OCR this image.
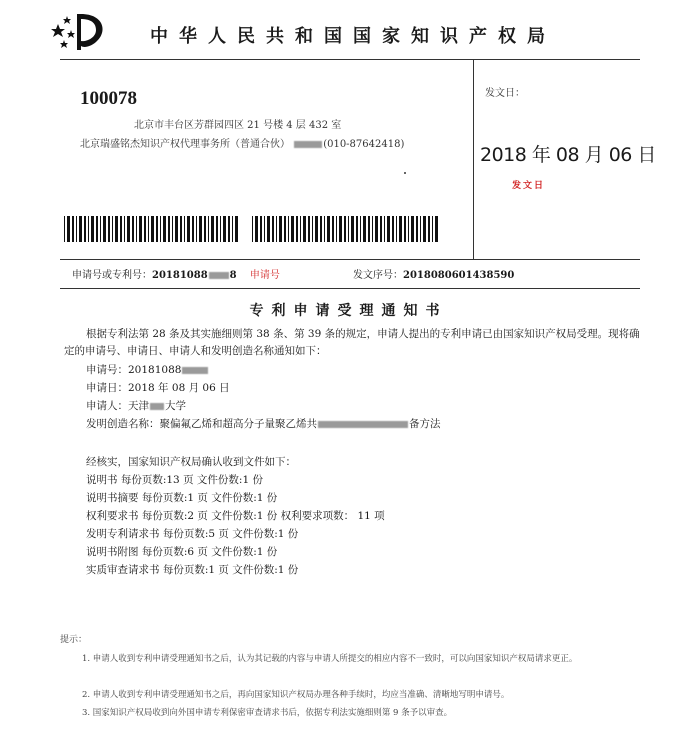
中华人民共和国国家知识产权局
100078
北京市丰台区芳群园四区 21 号楼 4 层 432 室
北京瑞盛铭杰知识产权代理事务所（普通合伙）	(010-87642418)
发文日：
2018 年 08 月 06 日
发文日
申请号或专利号：20181088 8 申请号	发文序号：2018080601438590
专利申请受理通知书
根据专利法第 28 条及其实施细则第 38 条、第 39 条的规定，申请人提出的专利申请已由国家知识产权局受理。现将确定的申请号、申请日、申请人和发明创造名称通知如下：
申请号：20181088
申请日：2018 年 08 月 06 日
申请人：天津 大学
发明创造名称：聚偏氟乙烯和超高分子量聚乙烯共	备方法
经核实，国家知识产权局确认收到文件如下：
说明书 每份页数:13 页 文件份数:1 份
说明书摘要 每份页数:1 页 文件份数:1 份
权利要求书 每份页数:2 页 文件份数:1 份 权利要求项数： 11 项
发明专利请求书 每份页数:5 页 文件份数:1 份
说明书附图 每份页数:6 页 文件份数:1 份
实质审查请求书 每份页数:1 页 文件份数:1 份
提示：
1. 申请人收到专利申请受理通知书之后，认为其记载的内容与申请人所提交的相应内容不一致时，可以向国家知识产权局请求更正。
2. 申请人收到专利申请受理通知书之后，再向国家知识产权局办理各种手续时，均应当准确、清晰地写明申请号。
3. 国家知识产权局收到向外国申请专利保密审查请求书后，依据专利法实施细则第 9 条予以审查。
